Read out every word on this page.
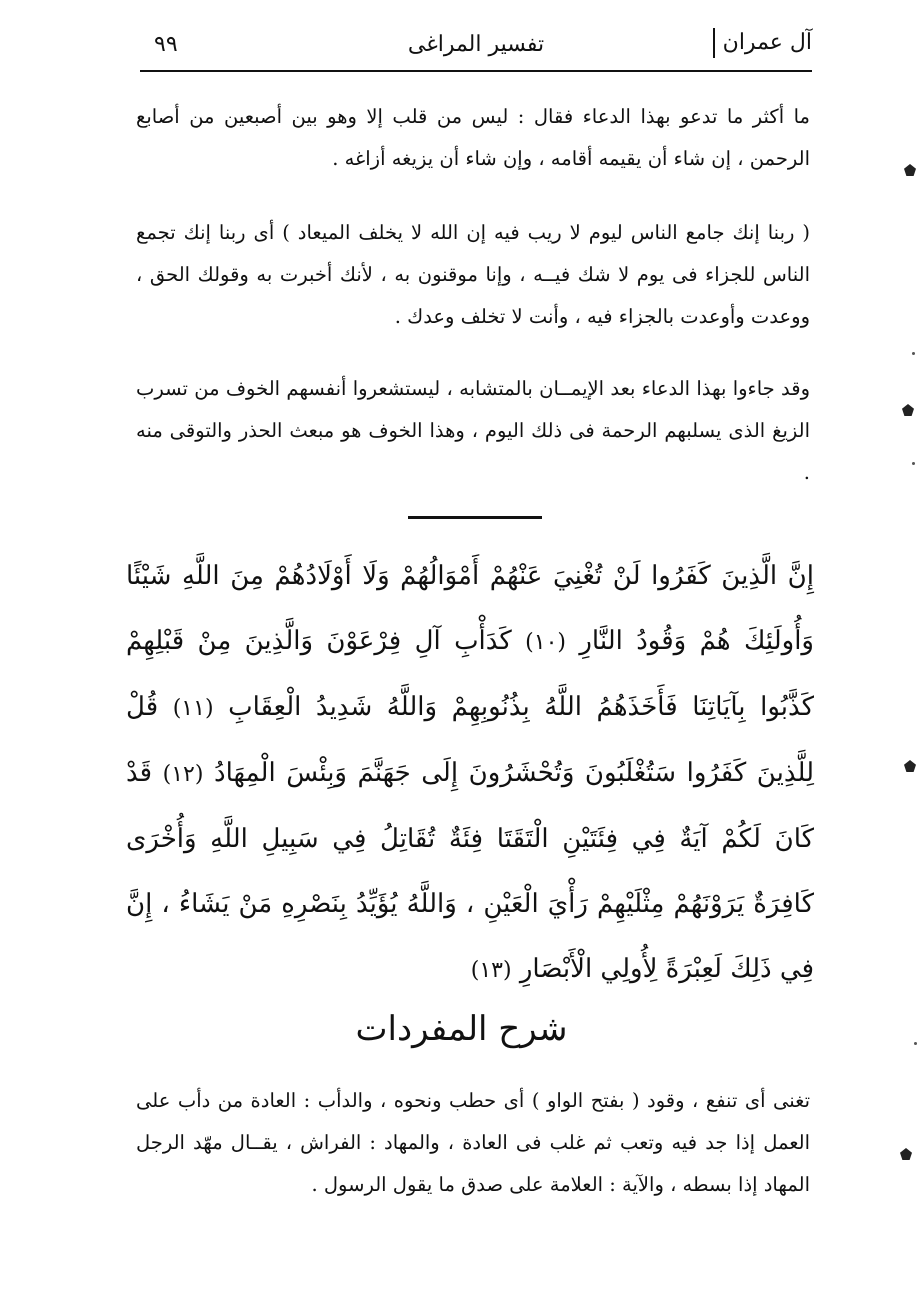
آل عمران
تفسير المراغى
٩٩
ما أكثر ما تدعو بهذا الدعاء فقال : ليس من قلب إلا وهو بين أصبعين من أصابع الرحمن ، إن شاء أن يقيمه أقامه ، وإن شاء أن يزيغه أزاغه .
( ربنا إنك جامع الناس ليوم لا ريب فيه إن الله لا يخلف الميعاد ) أى ربنا إنك تجمع الناس للجزاء فى يوم لا شك فيــه ، وإنا موقنون به ، لأنك أخبرت به وقولك الحق ، ووعدت وأوعدت بالجزاء فيه ، وأنت لا تخلف وعدك .
وقد جاءوا بهذا الدعاء بعد الإيمــان بالمتشابه ، ليستشعروا أنفسهم الخوف من تسرب الزيغ الذى يسلبهم الرحمة فى ذلك اليوم ، وهذا الخوف هو مبعث الحذر والتوقى منه .
إِنَّ الَّذِينَ كَفَرُوا لَنْ تُغْنِيَ عَنْهُمْ أَمْوَالُهُمْ وَلَا أَوْلَادُهُمْ مِنَ اللَّهِ شَيْئًا وَأُولَئِكَ هُمْ وَقُودُ النَّارِ (١٠) كَدَأْبِ آلِ فِرْعَوْنَ وَالَّذِينَ مِنْ قَبْلِهِمْ كَذَّبُوا بِآيَاتِنَا فَأَخَذَهُمُ اللَّهُ بِذُنُوبِهِمْ وَاللَّهُ شَدِيدُ الْعِقَابِ (١١) قُلْ لِلَّذِينَ كَفَرُوا سَتُغْلَبُونَ وَتُحْشَرُونَ إِلَى جَهَنَّمَ وَبِئْسَ الْمِهَادُ (١٢) قَدْ كَانَ لَكُمْ آيَةٌ فِي فِئَتَيْنِ الْتَقَتَا فِئَةٌ تُقَاتِلُ فِي سَبِيلِ اللَّهِ وَأُخْرَى كَافِرَةٌ يَرَوْنَهُمْ مِثْلَيْهِمْ رَأْيَ الْعَيْنِ ، وَاللَّهُ يُؤَيِّدُ بِنَصْرِهِ مَنْ يَشَاءُ ، إِنَّ فِي ذَلِكَ لَعِبْرَةً لِأُولِي الْأَبْصَارِ (١٣)
شرح المفردات
تغنى أى تنفع ، وقود ( بفتح الواو ) أى حطب ونحوه ، والدأب : العادة من دأب على العمل إذا جد فيه وتعب ثم غلب فى العادة ، والمهاد : الفراش ، يقــال مهّد الرجل المهاد إذا بسطه ، والآية : العلامة على صدق ما يقول الرسول .
